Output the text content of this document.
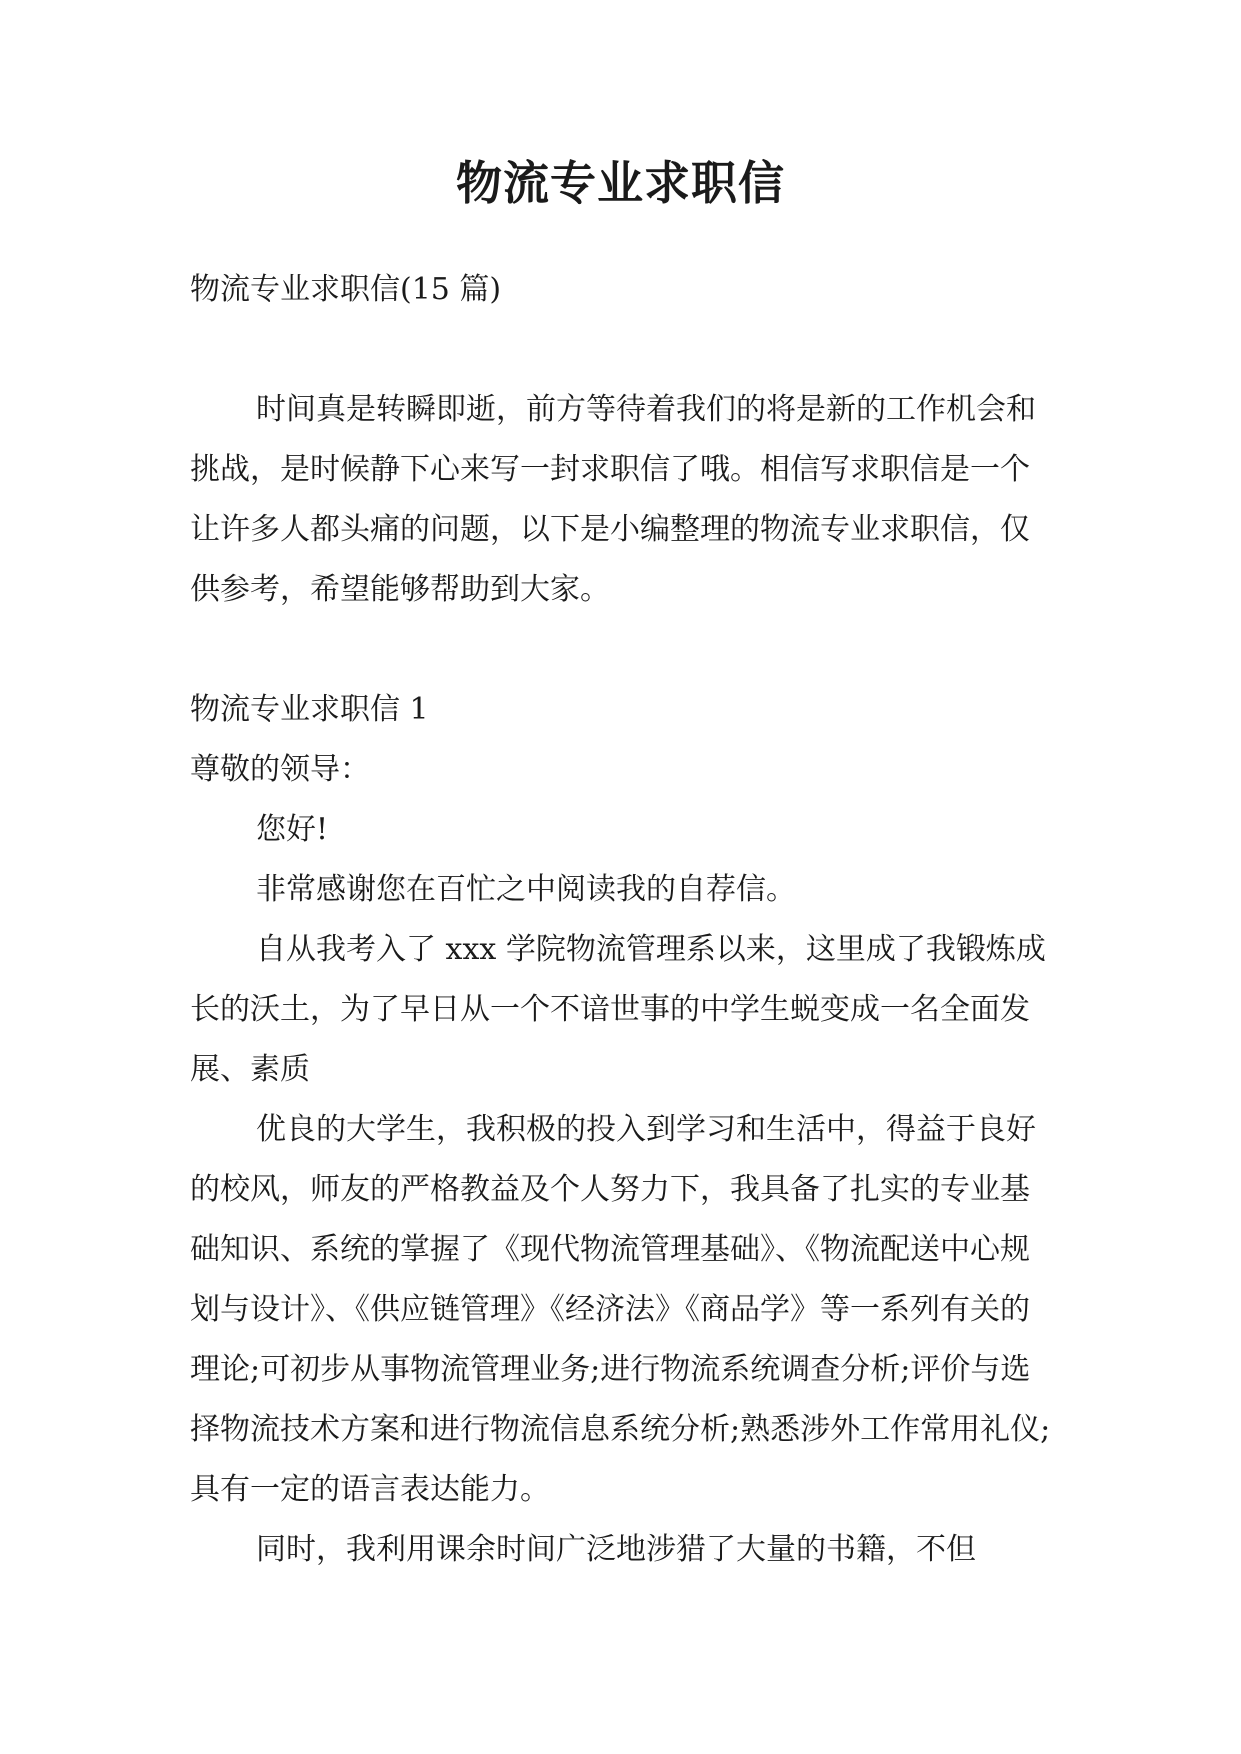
物流专业求职信

物流专业求职信(15 篇)

时间真是转瞬即逝，前方等待着我们的将是新的工作机会和挑战，是时候静下心来写一封求职信了哦。相信写求职信是一个让许多人都头痛的问题，以下是小编整理的物流专业求职信，仅供参考，希望能够帮助到大家。

物流专业求职信 1

尊敬的领导：

您好!

非常感谢您在百忙之中阅读我的自荐信。

自从我考入了 xxx 学院物流管理系以来，这里成了我锻炼成长的沃土，为了早日从一个不谙世事的中学生蜕变成一名全面发展、素质

优良的大学生，我积极的投入到学习和生活中，得益于良好的校风，师友的严格教益及个人努力下，我具备了扎实的专业基础知识、系统的掌握了《现代物流管理基础》、《物流配送中心规划与设计》、《供应链管理》《经济法》《商品学》等一系列有关的理论;可初步从事物流管理业务;进行物流系统调查分析;评价与选择物流技术方案和进行物流信息系统分析;熟悉涉外工作常用礼仪;具有一定的语言表达能力。

同时，我利用课余时间广泛地涉猎了大量的书籍，不但
